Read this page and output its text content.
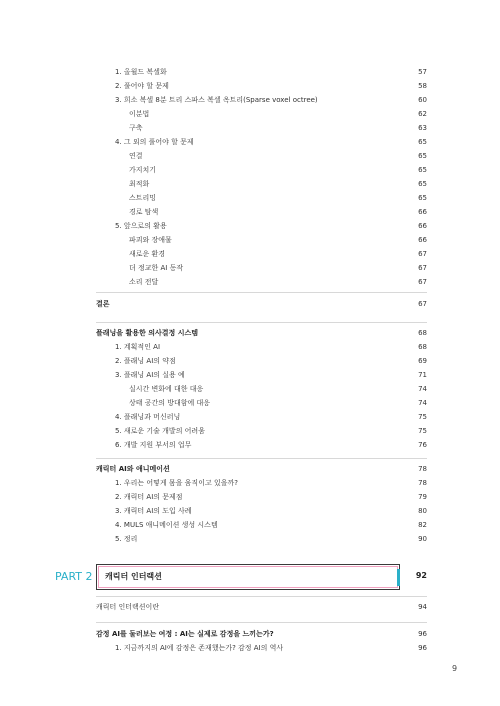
1. 올월드 복셀화	57
2. 풀어야 할 문제	58
3. 희소 복셀 8분 트리 스파스 복셀 옥트리(Sparse voxel octree)	60
이분법	62
구축	63
4. 그 외의 풀어야 할 문제	65
연결	65
가지치기	65
최적화	65
스트리밍	65
경로 탐색	66
5. 앞으로의 활용	66
파괴와 장애물	66
새로운 환경	67
더 정교한 AI 동작	67
소리 전달	67
결론	67
플래닝을 활용한 의사결정 시스템	68
1. 계획적인 AI	68
2. 플래닝 AI의 약점	69
3. 플래닝 AI의 실용 예	71
실시간 변화에 대한 대응	74
상태 공간의 방대함에 대응	74
4. 플래닝과 머신러닝	75
5. 새로운 기술 개발의 어려움	75
6. 개발 지원 부서의 업무	76
캐릭터 AI와 애니메이션	78
1. 우리는 어떻게 몸을 움직이고 있을까?	78
2. 캐릭터 AI의 문제점	79
3. 캐릭터 AI의 도입 사례	80
4. MULS 애니메이션 생성 시스템	82
5. 정리	90
PART 2 캐릭터 인터랙션	92
캐릭터 인터랙션이란	94
감정 AI를 둘러보는 여정 : AI는 실제로 감정을 느끼는가?	96
1. 지금까지의 AI에 감정은 존재했는가? 감정 AI의 역사	96
9
